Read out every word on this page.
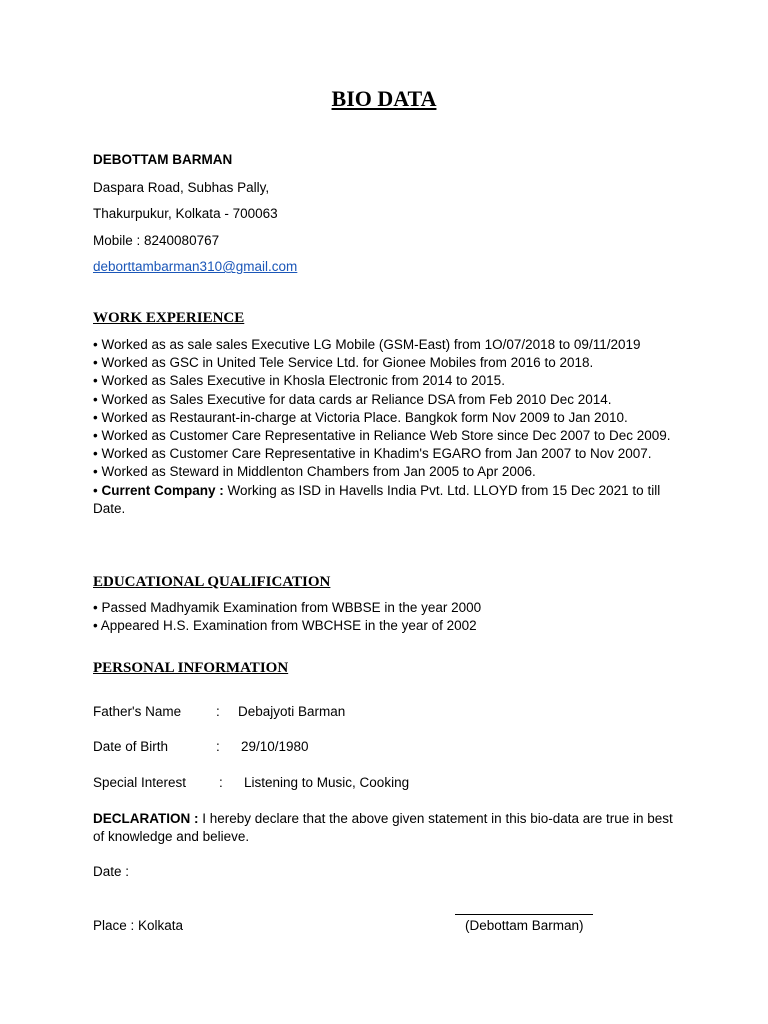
BIO DATA
DEBOTTAM BARMAN
Daspara Road, Subhas Pally,
Thakurpukur, Kolkata - 700063
Mobile : 8240080767
deborttambarman310@gmail.com
WORK EXPERIENCE
• Worked as as sale sales Executive LG Mobile (GSM-East) from 1O/07/2018 to 09/11/2019
• Worked as GSC in United Tele Service Ltd. for Gionee Mobiles from 2016 to 2018.
• Worked as Sales Executive in Khosla Electronic from 2014 to 2015.
• Worked as Sales Executive for data cards ar Reliance DSA from Feb 2010 Dec 2014.
• Worked as Restaurant-in-charge at Victoria Place. Bangkok form Nov 2009 to Jan 2010.
• Worked as Customer Care Representative in Reliance Web Store since Dec 2007 to Dec 2009.
• Worked as Customer Care Representative in Khadim's EGARO from Jan 2007 to Nov 2007.
• Worked as Steward in Middlenton Chambers from Jan 2005 to Apr 2006.
• Current Company : Working as ISD in Havells India Pvt. Ltd. LLOYD from 15 Dec 2021 to till Date.
EDUCATIONAL QUALIFICATION
• Passed Madhyamik Examination from WBBSE in the year 2000
• Appeared H.S. Examination from WBCHSE in the year of 2002
PERSONAL INFORMATION
Father's Name	: Debajyoti Barman
Date of Birth	: 29/10/1980
Special Interest : Listening to Music, Cooking
DECLARATION : I hereby declare that the above given statement in this bio-data are true in best of knowledge and believe.
Date :
Place : Kolkata	(Debottam Barman)
